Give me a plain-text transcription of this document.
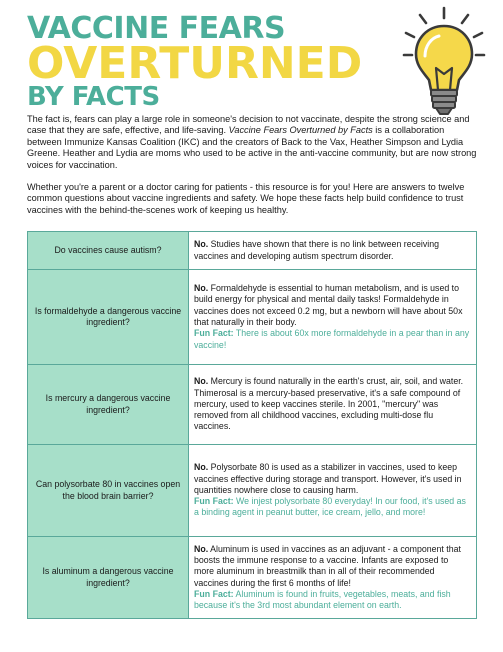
VACCINE FEARS
OVERTURNED
BY FACTS

The fact is, fears can play a large role in someone's decision to not vaccinate, despite the strong science and case that they are safe, effective, and life-saving. Vaccine Fears Overturned by Facts is a collaboration between Immunize Kansas Coalition (IKC) and the creators of Back to the Vax, Heather Simpson and Lydia Greene. Heather and Lydia are moms who used to be active in the anti-vaccine community, but are now strong voices for vaccination.

Whether you're a parent or a doctor caring for patients - this resource is for you! Here are answers to twelve common questions about vaccine ingredients and safety. We hope these facts help build confidence to trust vaccines with the behind-the-scenes work of keeping us healthy.

Do vaccines cause autism?	No. Studies have shown that there is no link between receiving vaccines and developing autism spectrum disorder.
Is formaldehyde a dangerous vaccine ingredient?	No. Formaldehyde is essential to human metabolism, and is used to build energy for physical and mental daily tasks! Formaldehyde in vaccines does not exceed 0.2 mg, but a newborn will have about 50x that naturally in their body.
Fun Fact: There is about 60x more formaldehyde in a pear than in any vaccine!
Is mercury a dangerous vaccine ingredient?	No. Mercury is found naturally in the earth's crust, air, soil, and water. Thimerosal is a mercury-based preservative, it's a safe compound of mercury, used to keep vaccines sterile. In 2001, "mercury" was removed from all childhood vaccines, excluding multi-dose flu vaccines.
Can polysorbate 80 in vaccines open the blood brain barrier?	No. Polysorbate 80 is used as a stabilizer in vaccines, used to keep vaccines effective during storage and transport. However, it's used in quantities nowhere close to causing harm.
Fun Fact: We injest polysorbate 80 everyday! In our food, it's used as a binding agent in peanut butter, ice cream, jello, and more!
Is aluminum a dangerous vaccine ingredient?	No. Aluminum is used in vaccines as an adjuvant - a component that boosts the immune response to a vaccine. Infants are exposed to more aluminum in breastmilk than in all of their recommended vaccines during the first 6 months of life!
Fun Fact: Aluminum is found in fruits, vegetables, meats, and fish because it's the 3rd most abundant element on earth.
